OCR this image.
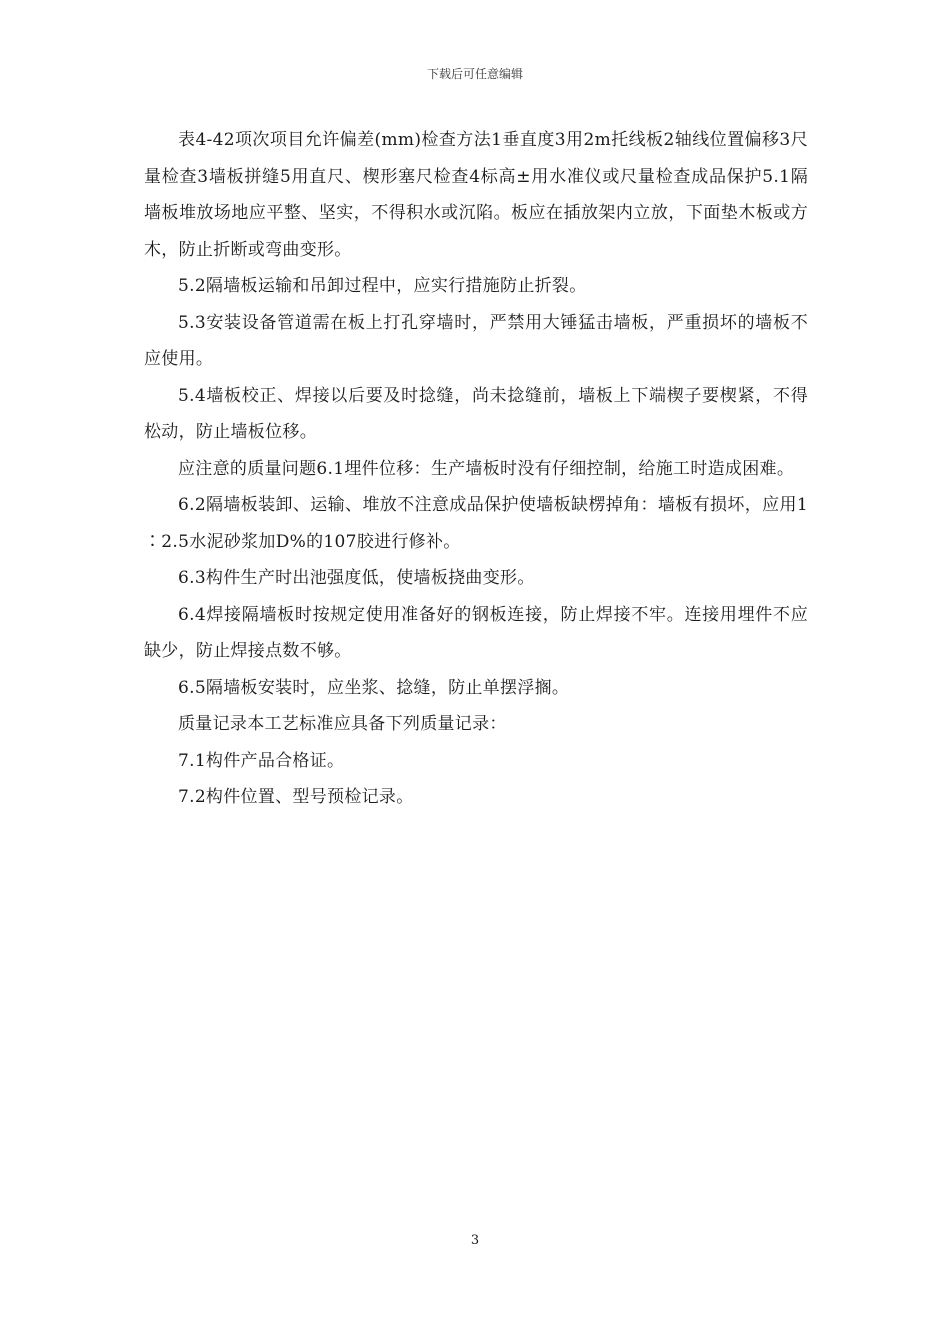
下载后可任意编辑

表4-42项次项目允许偏差(mm)检查方法1垂直度3用2m托线板2轴线位置偏移3尺量检查3墙板拼缝5用直尺、楔形塞尺检查4标高±用水准仪或尺量检查成品保护5.1隔墙板堆放场地应平整、坚实，不得积水或沉陷。板应在插放架内立放，下面垫木板或方木，防止折断或弯曲变形。

5.2隔墙板运输和吊卸过程中，应实行措施防止折裂。

5.3安装设备管道需在板上打孔穿墙时，严禁用大锤猛击墙板，严重损坏的墙板不应使用。

5.4墙板校正、焊接以后要及时捻缝，尚未捻缝前，墙板上下端楔子要楔紧，不得松动，防止墙板位移。

应注意的质量问题6.1埋件位移：生产墙板时没有仔细控制，给施工时造成困难。

6.2隔墙板装卸、运输、堆放不注意成品保护使墙板缺楞掉角：墙板有损坏，应用1∶2.5水泥砂浆加D%的107胶进行修补。

6.3构件生产时出池强度低，使墙板挠曲变形。

6.4焊接隔墙板时按规定使用准备好的钢板连接，防止焊接不牢。连接用埋件不应缺少，防止焊接点数不够。

6.5隔墙板安装时，应坐浆、捻缝，防止单摆浮搁。

质量记录本工艺标准应具备下列质量记录：

7.1构件产品合格证。

7.2构件位置、型号预检记录。

3
